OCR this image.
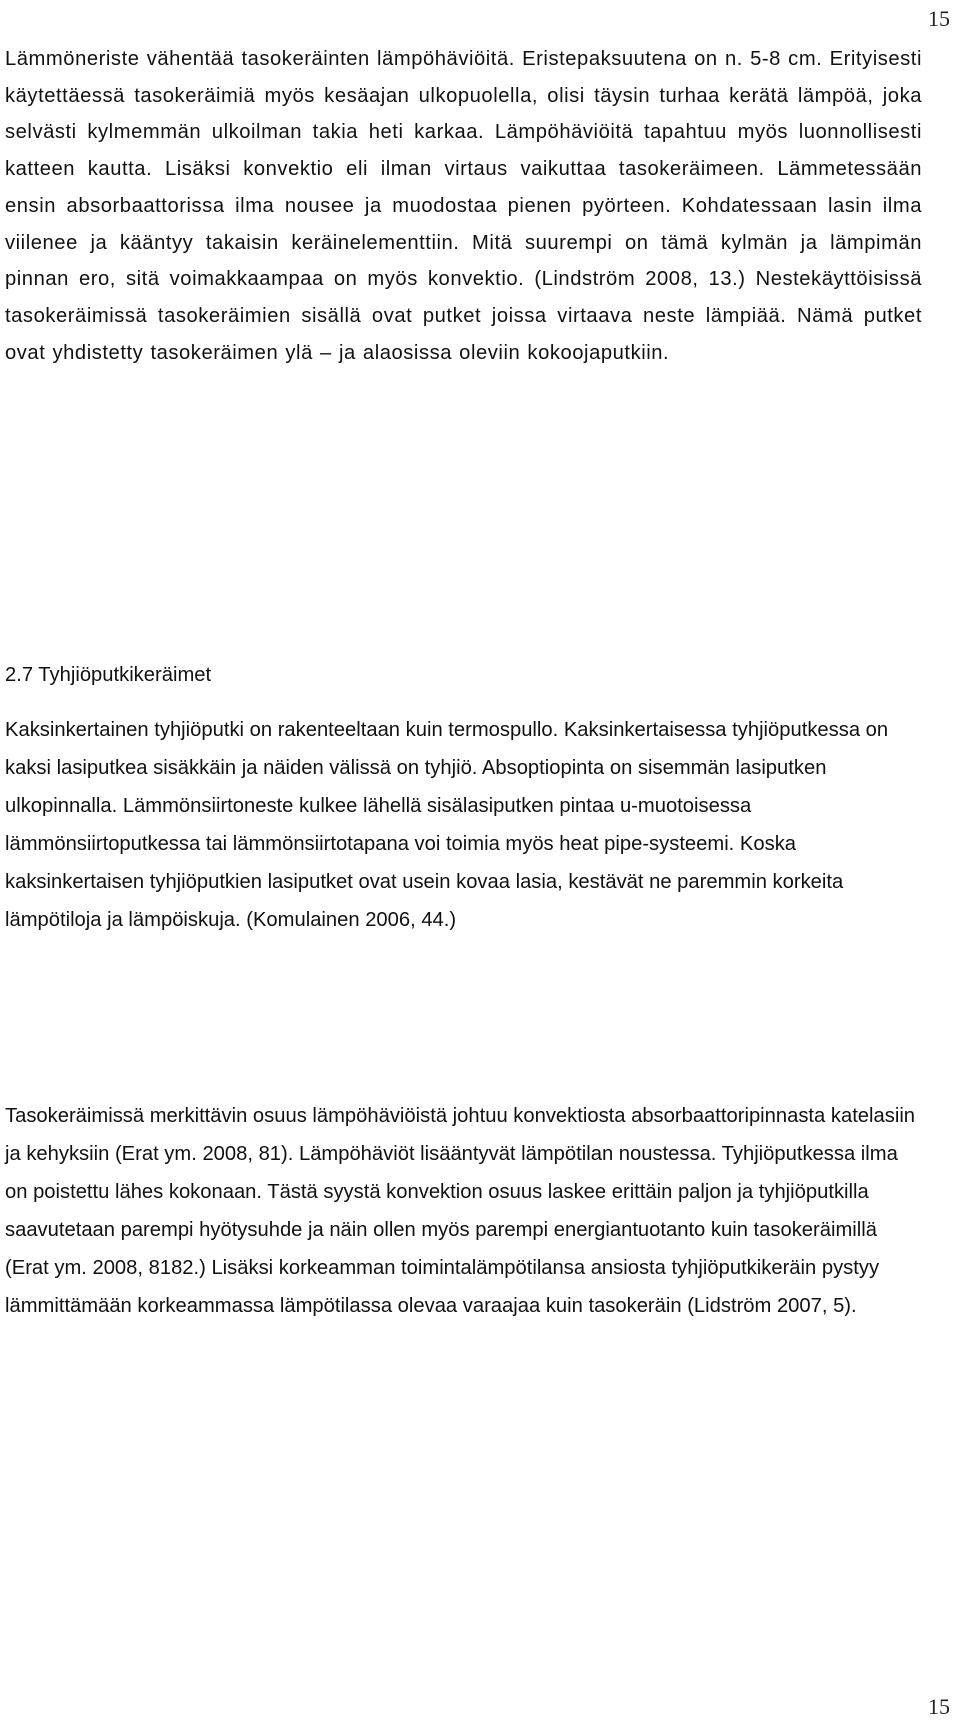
15

Lämmöneriste vähentää tasokeräinten lämpöhäviöitä. Eristepaksuutena on n. 5-8 cm. Erityisesti käytettäessä tasokeräimiä myös kesäajan ulkopuolella, olisi täysin turhaa kerätä lämpöä, joka selvästi kylmemmän ulkoilman takia heti karkaa. Lämpöhäviöitä tapahtuu myös luonnollisesti katteen kautta. Lisäksi konvektio eli ilman virtaus vaikuttaa tasokeräimeen. Lämmetessään ensin absorbaattorissa ilma nousee ja muodostaa pienen pyörteen. Kohdatessaan lasin ilma viilenee ja kääntyy takaisin keräinelementtiin. Mitä suurempi on tämä kylmän ja lämpimän pinnan ero, sitä voimakkaampaa on myös konvektio. (Lindström 2008, 13.) Nestekäyttöisissä tasokeräimissä tasokeräimien sisällä ovat putket joissa virtaava neste lämpiää. Nämä putket ovat yhdistetty tasokeräimen ylä – ja alaosissa oleviin kokoojaputkiin.

2.7 Tyhjiöputkikeräimet

Kaksinkertainen tyhjiöputki on rakenteeltaan kuin termospullo. Kaksinkertaisessa tyhjiöputkessa on kaksi lasiputkea sisäkkäin ja näiden välissä on tyhjiö. Absoptiopinta on sisemmän lasiputken ulkopinnalla. Lämmönsiirtoneste kulkee lähellä sisälasiputken pintaa u-muotoisessa lämmönsiirtoputkessa tai lämmönsiirtotapana voi toimia myös heat pipe-systeemi. Koska kaksinkertaisen tyhjiöputkien lasiputket ovat usein kovaa lasia, kestävät ne paremmin korkeita lämpötiloja ja lämpöiskuja. (Komulainen 2006, 44.)

Tasokeräimissä merkittävin osuus lämpöhäviöistä johtuu konvektiosta absorbaattoripinnasta katelasiin ja kehyksiin (Erat ym. 2008, 81). Lämpöhäviöt lisääntyvät lämpötilan noustessa. Tyhjiöputkessa ilma on poistettu lähes kokonaan. Tästä syystä konvektion osuus laskee erittäin paljon ja tyhjiöputkilla saavutetaan parempi hyötysuhde ja näin ollen myös parempi energiantuotanto kuin tasokeräimillä (Erat ym. 2008, 8182.) Lisäksi korkeamman toimintalämpötilansa ansiosta tyhjiöputkikeräin pystyy lämmittämään korkeammassa lämpötilassa olevaa varaajaa kuin tasokeräin (Lidström 2007, 5).

15
